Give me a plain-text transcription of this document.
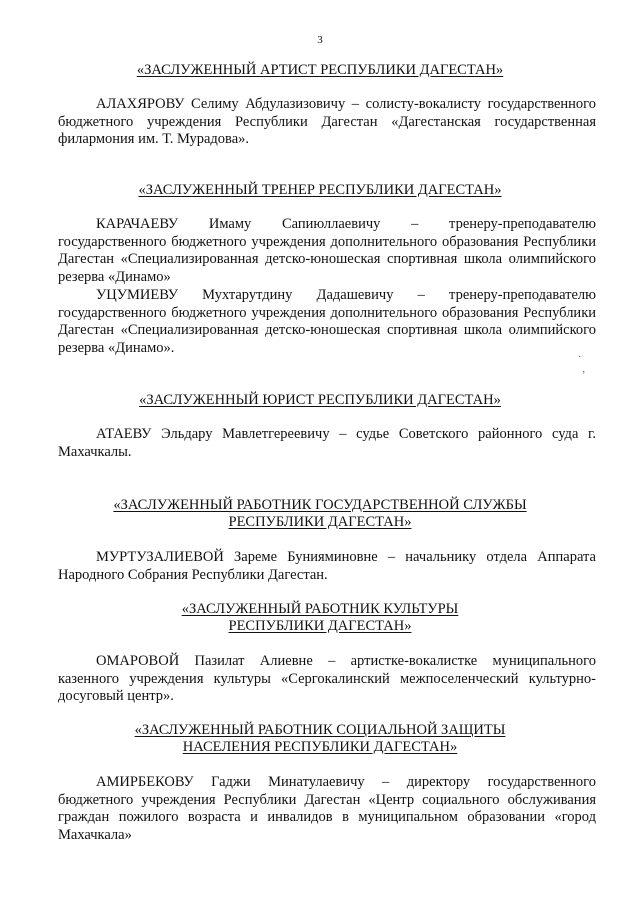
3
«ЗАСЛУЖЕННЫЙ АРТИСТ РЕСПУБЛИКИ ДАГЕСТАН»
АЛАХЯРОВУ Селиму Абдулазизовичу – солисту-вокалисту государственного бюджетного учреждения Республики Дагестан «Дагестанская государственная филармония им. Т. Мурадова».
«ЗАСЛУЖЕННЫЙ ТРЕНЕР РЕСПУБЛИКИ ДАГЕСТАН»
КАРАЧАЕВУ Имаму Сапиюллаевичу – тренеру-преподавателю государственного бюджетного учреждения дополнительного образования Республики Дагестан «Специализированная детско-юношеская спортивная школа олимпийского резерва «Динамо»
УЦУМИЕВУ Мухтарутдину Дадашевичу – тренеру-преподавателю государственного бюджетного учреждения дополнительного образования Республики Дагестан «Специализированная детско-юношеская спортивная школа олимпийского резерва «Динамо».
«ЗАСЛУЖЕННЫЙ ЮРИСТ РЕСПУБЛИКИ ДАГЕСТАН»
АТАЕВУ Эльдару Мавлетгереевичу – судье Советского районного суда г. Махачкалы.
«ЗАСЛУЖЕННЫЙ РАБОТНИК ГОСУДАРСТВЕННОЙ СЛУЖБЫ
РЕСПУБЛИКИ ДАГЕСТАН»
МУРТУЗАЛИЕВОЙ Зареме Бунияминовне – начальнику отдела Аппарата Народного Собрания Республики Дагестан.
«ЗАСЛУЖЕННЫЙ РАБОТНИК КУЛЬТУРЫ
РЕСПУБЛИКИ ДАГЕСТАН»
ОМАРОВОЙ Пазилат Алиевне – артистке-вокалистке муниципального казенного учреждения культуры «Сергокалинский межпоселенческий культурно-досуговый центр».
«ЗАСЛУЖЕННЫЙ РАБОТНИК СОЦИАЛЬНОЙ ЗАЩИТЫ
НАСЕЛЕНИЯ РЕСПУБЛИКИ ДАГЕСТАН»
АМИРБЕКОВУ Гаджи Минатулаевичу – директору государственного бюджетного учреждения Республики Дагестан «Центр социального обслуживания граждан пожилого возраста и инвалидов в муниципальном образовании «город Махачкала»
·
‚
